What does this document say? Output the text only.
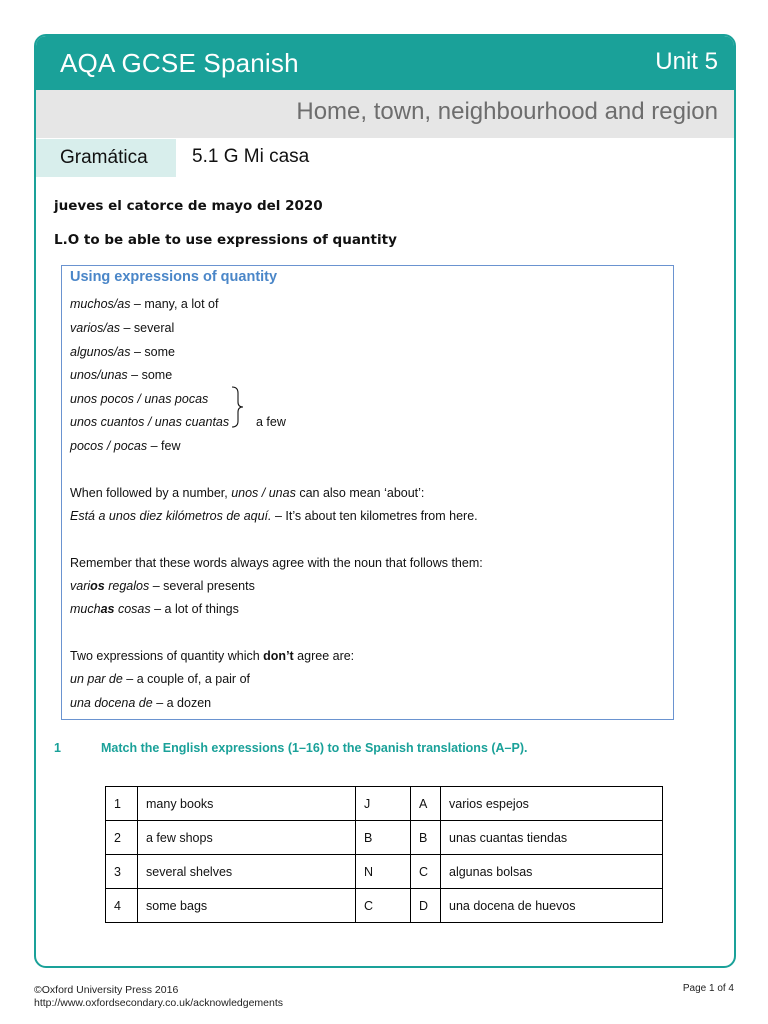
AQA GCSE Spanish	Unit 5
Home, town, neighbourhood and region
Gramática	5.1 G Mi casa
jueves el catorce de mayo del 2020
L.O to be able to use expressions of quantity
Using expressions of quantity
muchos/as – many, a lot of
varios/as – several
algunos/as – some
unos/unas – some
unos pocos / unas pocas
unos cuantos / unas cuantas a few
pocos / pocas – few
When followed by a number, unos / unas can also mean ‘about’:
Está a unos diez kilómetros de aquí. – It’s about ten kilometres from here.
Remember that these words always agree with the noun that follows them:
varios regalos – several presents
muchas cosas – a lot of things
Two expressions of quantity which don’t agree are:
un par de – a couple of, a pair of
una docena de – a dozen
1	Match the English expressions (1–16) to the Spanish translations (A–P).
1	many books	J	A	varios espejos
2	a few shops	B	B	unas cuantas tiendas
3	several shelves	N	C	algunas bolsas
4	some bags	C	D	una docena de huevos
©Oxford University Press 2016
http://www.oxfordsecondary.co.uk/acknowledgements
Page 1 of 4
